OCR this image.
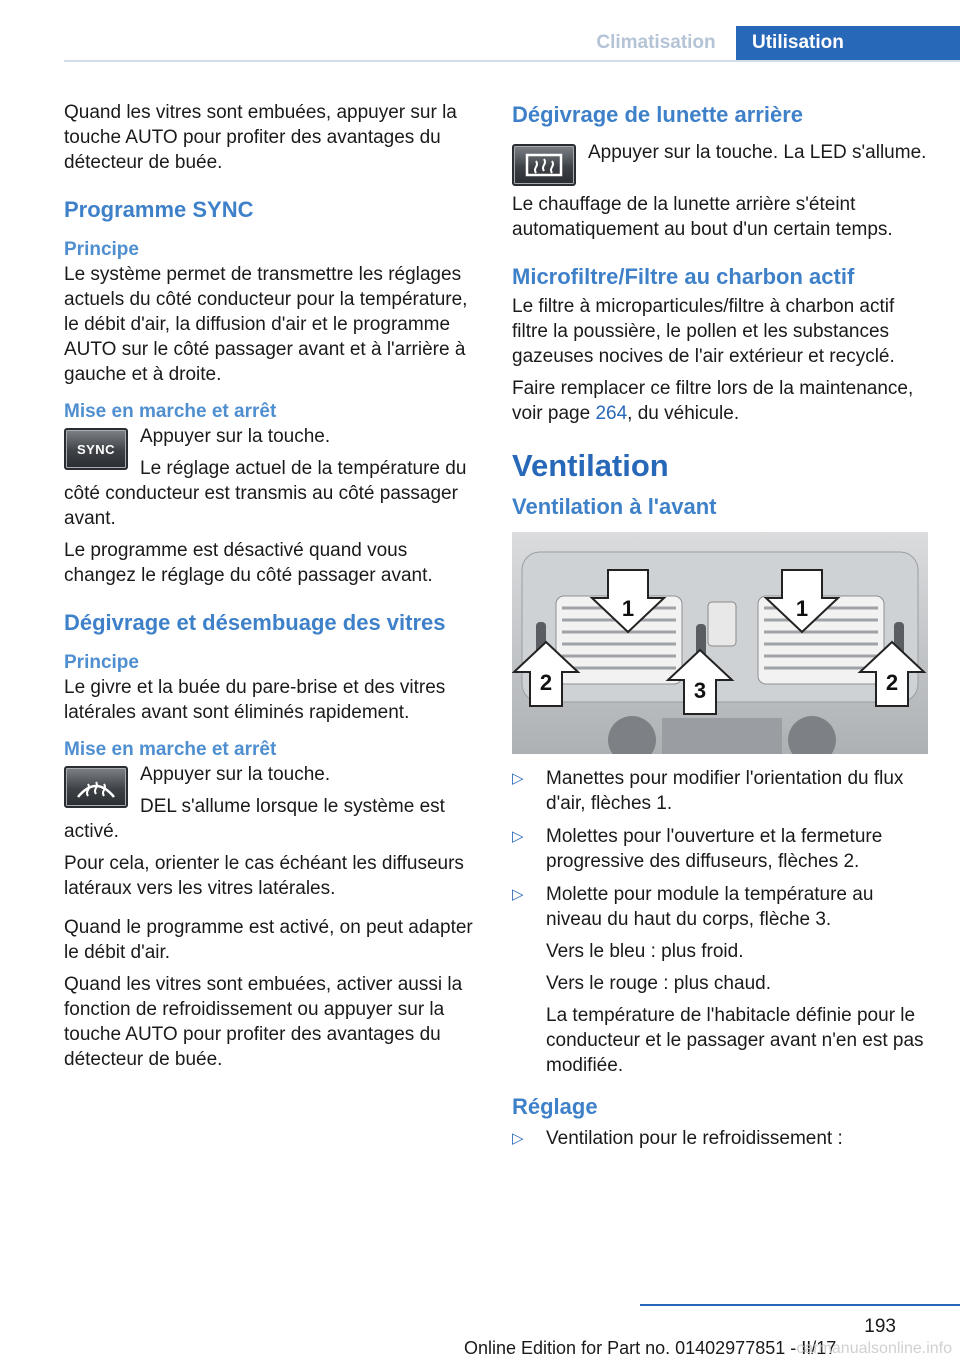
Climatisation	Utilisation

Quand les vitres sont embuées, appuyer sur la touche AUTO pour profiter des avantages du détecteur de buée.

Programme SYNC
Principe

Le système permet de transmettre les réglages actuels du côté conducteur pour la température, le débit d'air, la diffusion d'air et le programme AUTO sur le côté passager avant et à l'arrière à gauche et à droite.

Mise en marche et arrêt
SYNC

Appuyer sur la touche.

Le réglage actuel de la température du côté conducteur est transmis au côté passager avant.

Le programme est désactivé quand vous changez le réglage du côté passager avant.

Dégivrage et désembuage des vitres
Principe

Le givre et la buée du pare-brise et des vitres latérales avant sont éliminés rapidement.

Mise en marche et arrêt

Appuyer sur la touche.

DEL s'allume lorsque le système est activé.

Pour cela, orienter le cas échéant les diffuseurs latéraux vers les vitres latérales.

Quand le programme est activé, on peut adapter le débit d'air.

Quand les vitres sont embuées, activer aussi la fonction de refroidissement ou appuyer sur la touche AUTO pour profiter des avantages du détecteur de buée.

Dégivrage de lunette arrière

Appuyer sur la touche. La LED s'allume.

Le chauffage de la lunette arrière s'éteint automatiquement au bout d'un certain temps.

Microfiltre/Filtre au charbon actif

Le filtre à microparticules/filtre à charbon actif filtre la poussière, le pollen et les substances gazeuses nocives de l'air extérieur et recyclé.

Faire remplacer ce filtre lors de la maintenance, voir page 264, du véhicule.

Ventilation
Ventilation à l'avant
1	1
2	3	2
▷ Manettes pour modifier l'orientation du flux d'air, flèches 1.
▷ Molettes pour l'ouverture et la fermeture progressive des diffuseurs, flèches 2.
▷ Molette pour module la température au niveau du haut du corps, flèche 3.
Vers le bleu : plus froid.
Vers le rouge : plus chaud.
La température de l'habitacle définie pour le conducteur et le passager avant n'en est pas modifiée.
Réglage
▷ Ventilation pour le refroidissement :
193
Online Edition for Part no. 01402977851 - II/17
carmanualsonline.info
